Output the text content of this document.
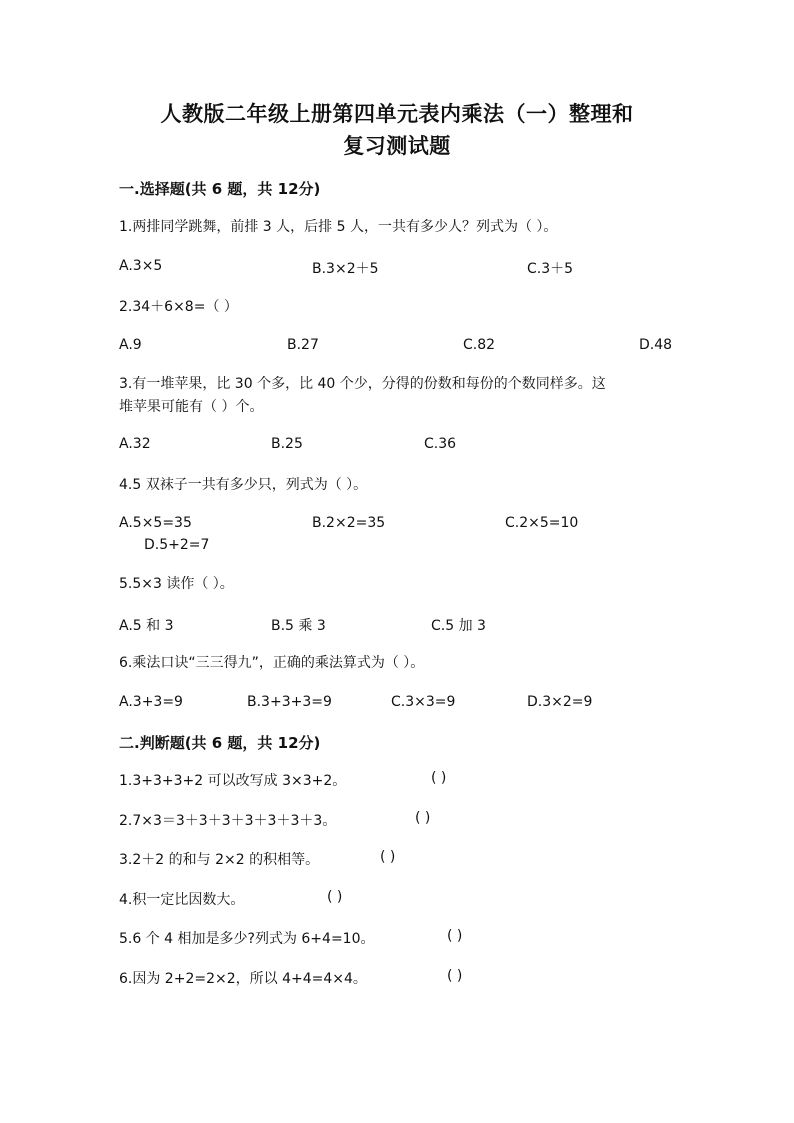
人教版二年级上册第四单元表内乘法（一）整理和
复习测试题
一.选择题(共 6 题，共 12分)
1.两排同学跳舞，前排 3 人，后排 5 人，一共有多少人？列式为（ ）。
A.3×5	B.3×2＋5	C.3＋5
2.34＋6×8=（ ）
A.9	B.27	C.82	D.48
3.有一堆苹果，比 30 个多，比 40 个少，分得的份数和每份的个数同样多。这
堆苹果可能有（ ）个。
A.32	B.25	C.36
4.5 双袜子一共有多少只，列式为（ ）。
A.5×5=35	B.2×2=35	C.2×5=10
D.5+2=7
5.5×3 读作（ ）。
A.5 和 3	B.5 乘 3	C.5 加 3
6.乘法口诀“三三得九”，正确的乘法算式为（ ）。
A.3+3=9	B.3+3+3=9	C.3×3=9	D.3×2=9
二.判断题(共 6 题，共 12分)
1.3+3+3+2 可以改写成 3×3+2。	( )
2.7×3＝3＋3＋3＋3＋3＋3＋3。	( )
3.2＋2 的和与 2×2 的积相等。	( )
4.积一定比因数大。	( )
5.6 个 4 相加是多少?列式为 6+4=10。	( )
6.因为 2+2=2×2，所以 4+4=4×4。	( )
